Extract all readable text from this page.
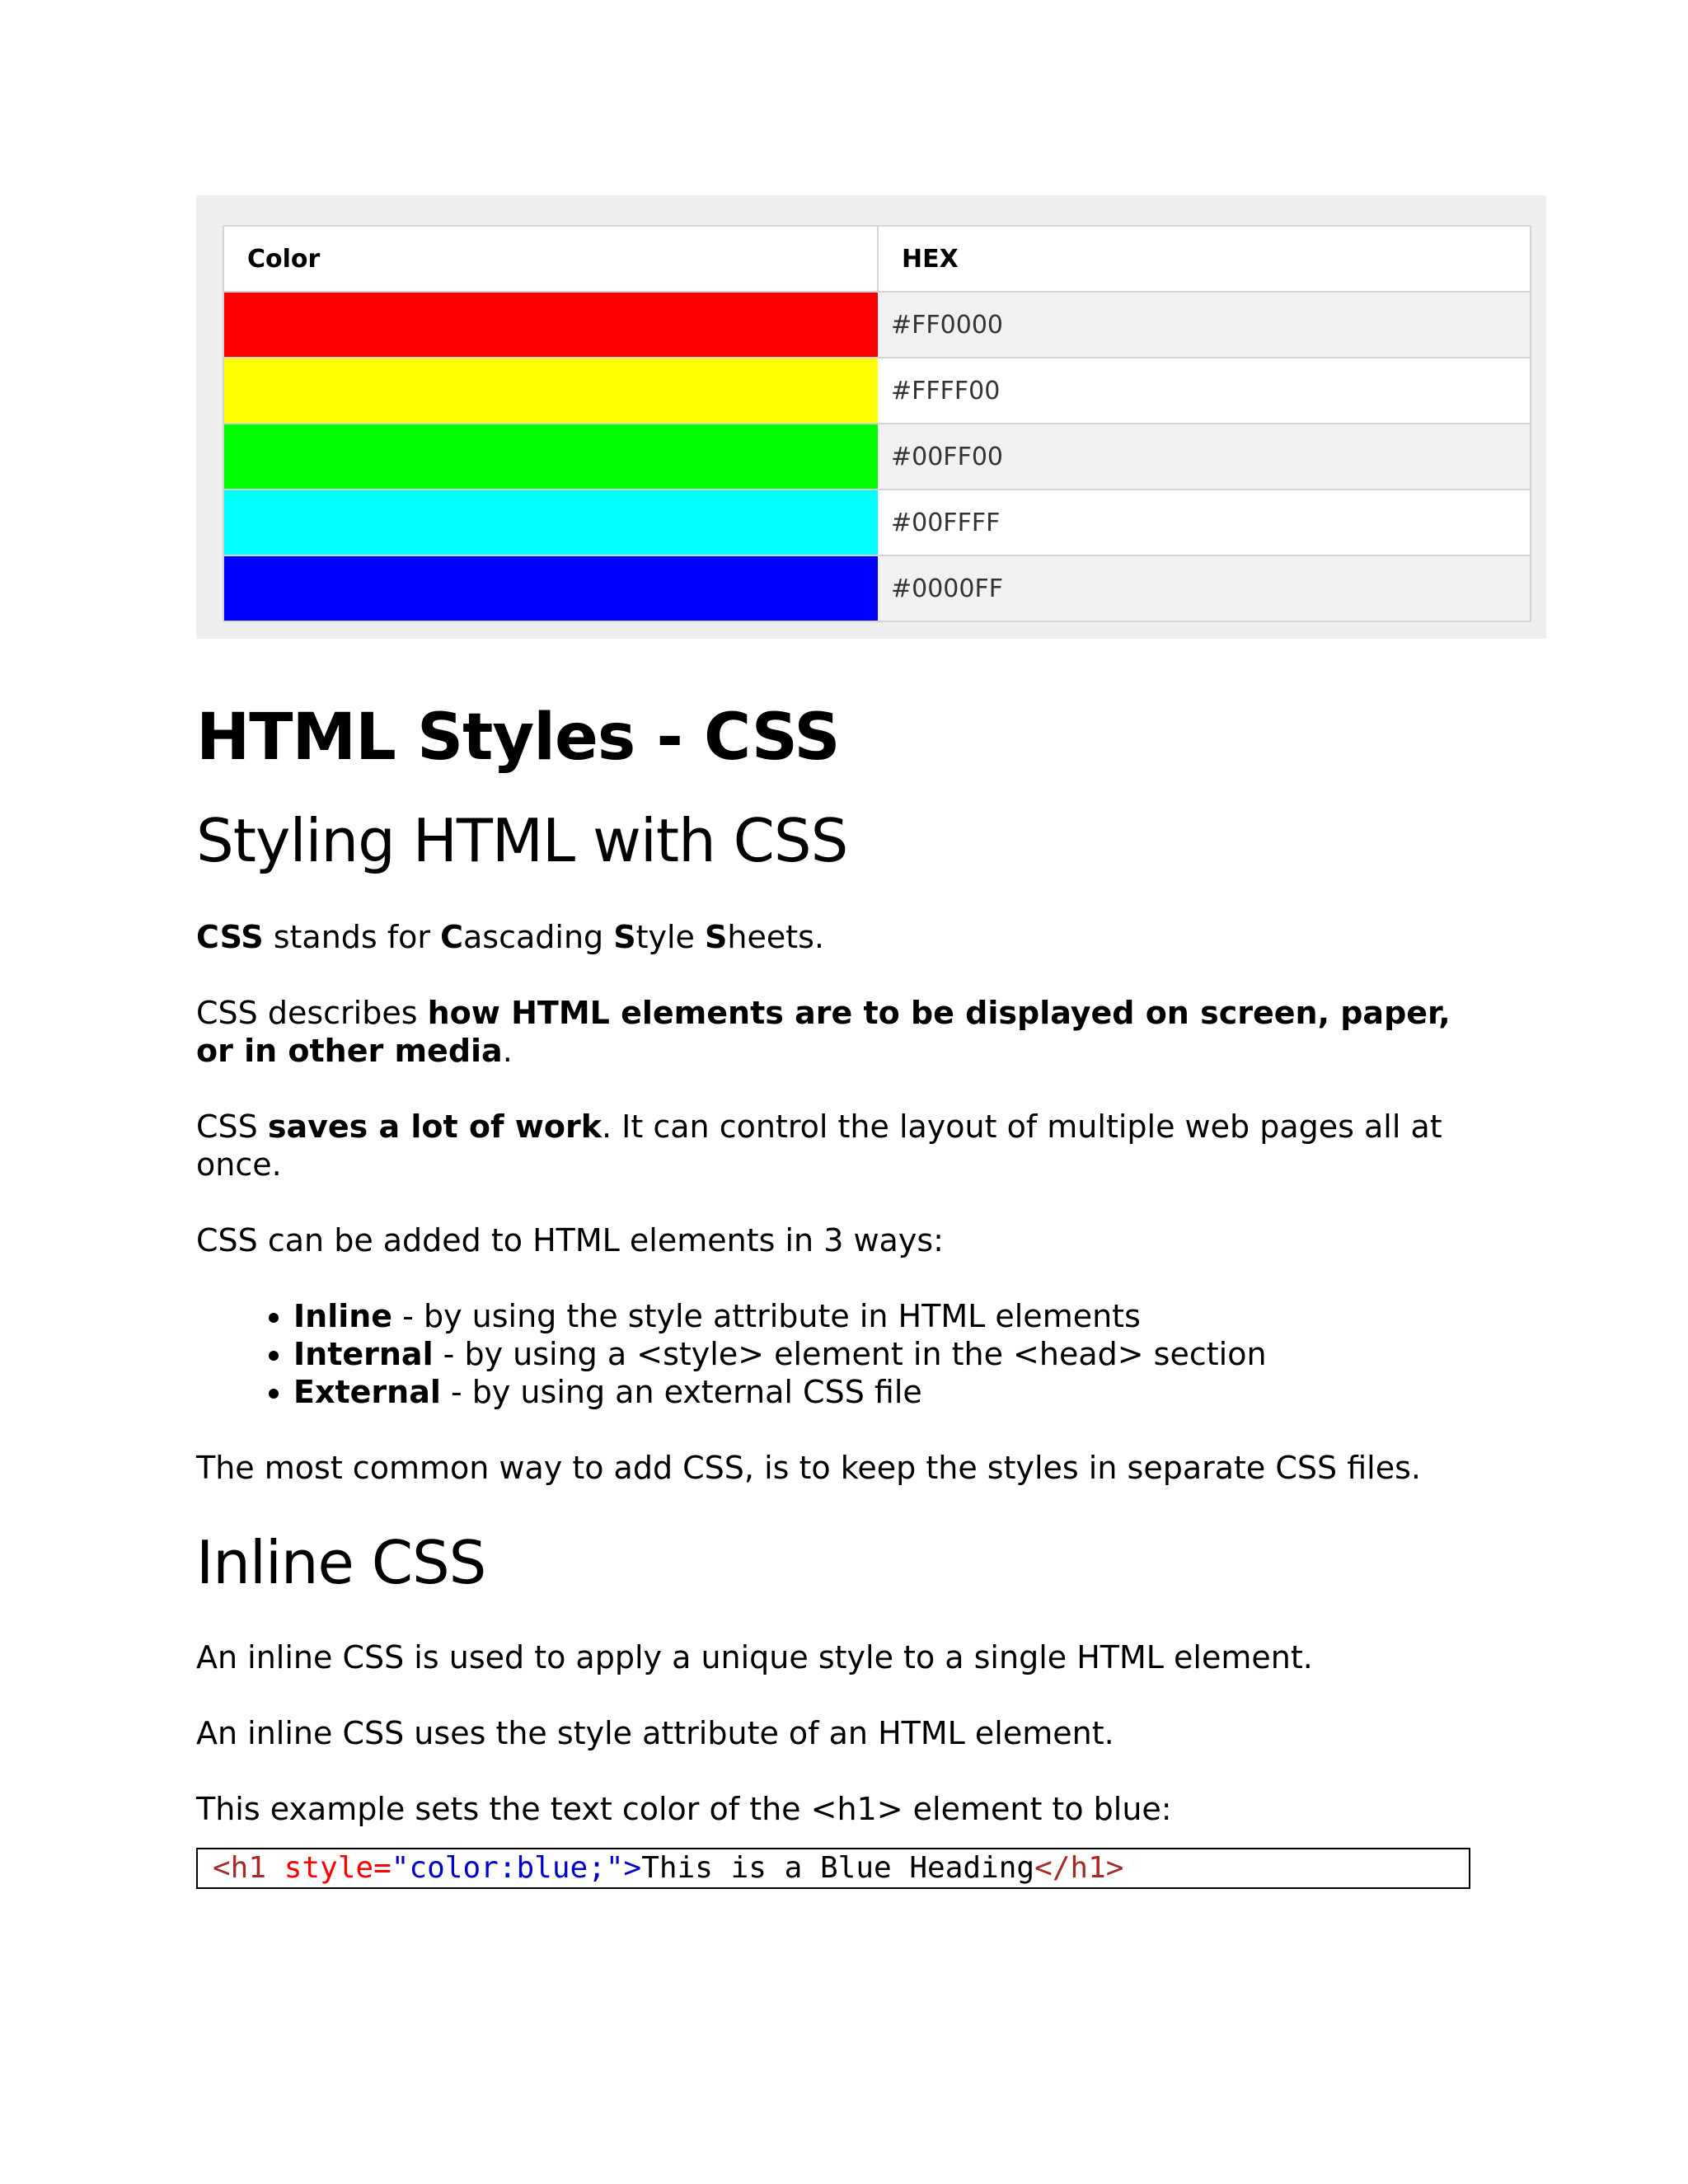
Color	HEX
	#FF0000
	#FFFF00
	#00FF00
	#00FFFF
	#0000FF
HTML Styles - CSS
Styling HTML with CSS

CSS stands for Cascading Style Sheets.

CSS describes how HTML elements are to be displayed on screen, paper, or in other media.

CSS saves a lot of work. It can control the layout of multiple web pages all at once.

CSS can be added to HTML elements in 3 ways:

• Inline - by using the style attribute in HTML elements
• Internal - by using a <style> element in the <head> section
• External - by using an external CSS file

The most common way to add CSS, is to keep the styles in separate CSS files.

Inline CSS

An inline CSS is used to apply a unique style to a single HTML element.

An inline CSS uses the style attribute of an HTML element.

This example sets the text color of the <h1> element to blue:

<h1 style="color:blue;">This is a Blue Heading</h1>
